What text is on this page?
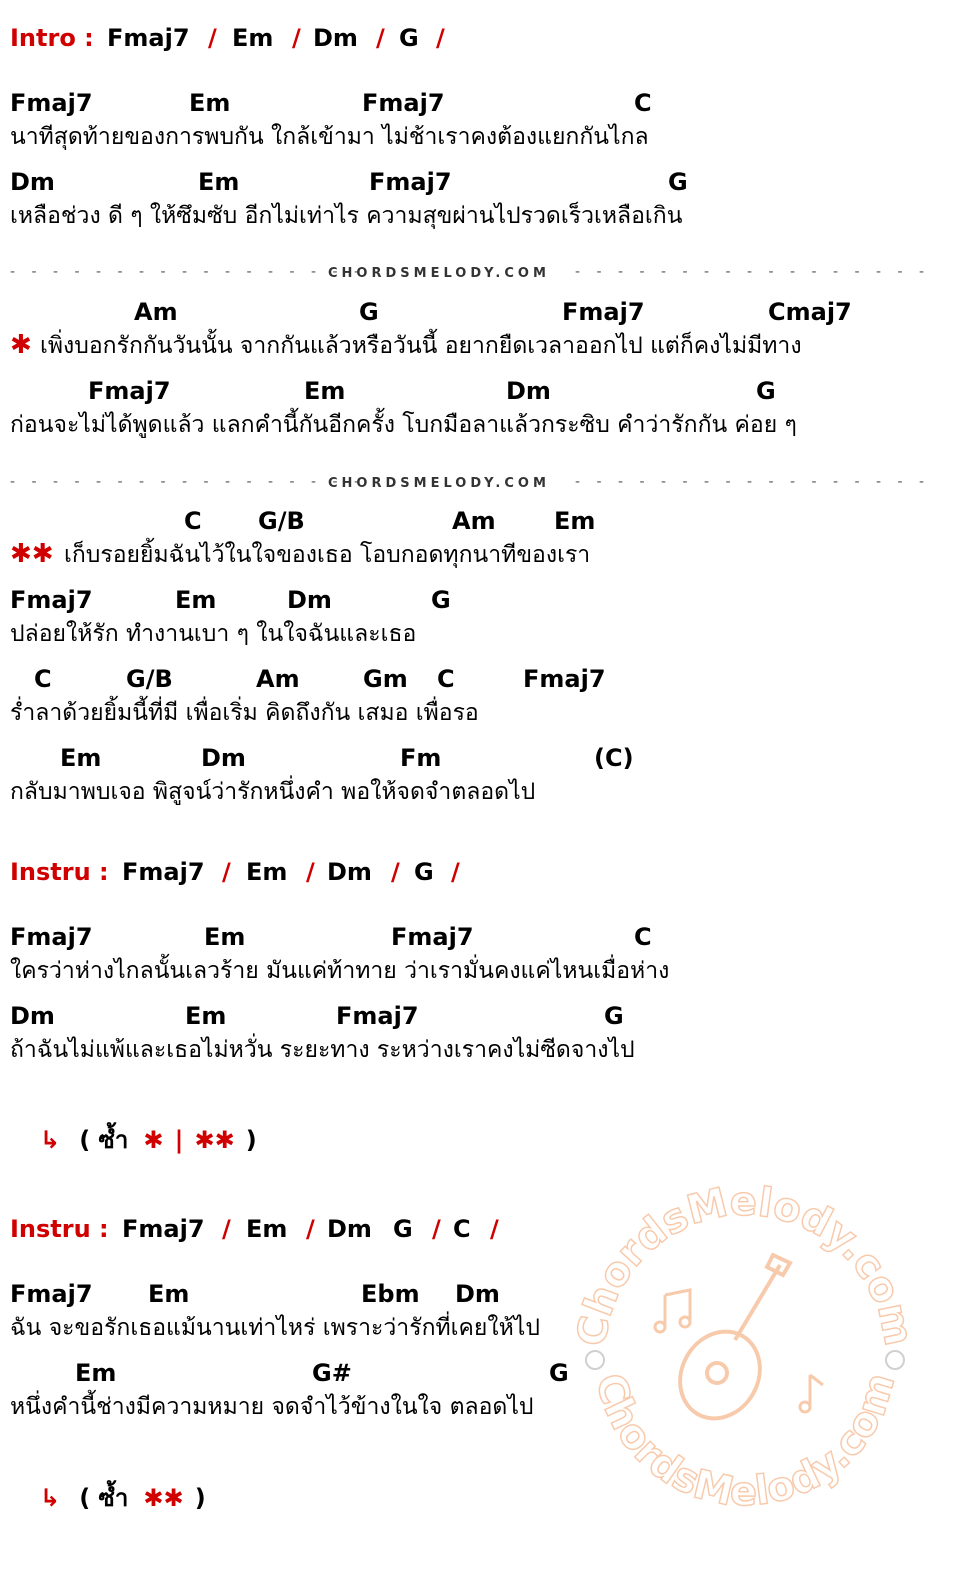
Intro : Fmaj7 / Em / Dm / G /
Fmaj7	Em	Fmaj7	C
นาทีสุดท้ายของการพบกัน ใกล้เข้ามา ไม่ช้าเราคงต้องแยกกันไกล
Dm	Em	Fmaj7	G
เหลือช่วง ดี ๆ ให้ซึมซับ อีกไม่เท่าไร ความสุขผ่านไปรวดเร็วเหลือเกิน
- - - - - - - - - - - - - - - - -
CHORDSMELODY.COM - - - - - - - - - - - - - - - - -
Am	G	Fmaj7	Cmaj7
✱ เพิ่งบอกรักกันวันนั้น จากกันแล้วหรือวันนี้ อยากยืดเวลาออกไป แต่ก็คงไม่มีทาง
Fmaj7	Em	Dm	G
ก่อนจะไม่ได้พูดแล้ว แลกคำนี้กันอีกครั้ง โบกมือลาแล้วกระซิบ คำว่ารักกัน ค่อย ๆ
- - - - - - - - - - - - - - - - -
CHORDSMELODY.COM - - - - - - - - - - - - - - - - -
C G/B	Am Em
✱✱ เก็บรอยยิ้มฉันไว้ในใจของเธอ โอบกอดทุกนาทีของเรา
Fmaj7	Em	Dm	G
ปล่อยให้รัก ทำงานเบา ๆ ในใจฉันและเธอ
C	G/B	Am	Gm C	Fmaj7
ร่ำลาด้วยยิ้มนี้ที่มี เพื่อเริ่ม คิดถึงกัน เสมอ เพื่อรอ
Em	Dm	Fm	(C)
กลับมาพบเจอ พิสูจน์ว่ารักหนึ่งคำ พอให้จดจำตลอดไป
Instru : Fmaj7 / Em / Dm / G /
Fmaj7	Em	Fmaj7	C
ใครว่าห่างไกลนั้นเลวร้าย มันแค่ท้าทาย ว่าเรามั่นคงแค่ไหนเมื่อห่าง
Dm	Em	Fmaj7	G
ถ้าฉันไม่แพ้และเธอไม่หวั่น ระยะทาง ระหว่างเราคงไม่ซีดจางไป
↳ ( ซ้ำ ✱ | ✱✱ )
Instru : Fmaj7 / Em / Dm G / C /
Fmaj7 Em	Ebm Dm
ฉัน จะขอรักเธอแม้นานเท่าไหร่ เพราะว่ารักที่เคยให้ไป
Em	G#	G
หนึ่งคำนี้ช่างมีความหมาย จดจำไว้ข้างในใจ ตลอดไป
↳ ( ซ้ำ ✱✱ )
ChordsMelody.com
ChordsMelody.com
